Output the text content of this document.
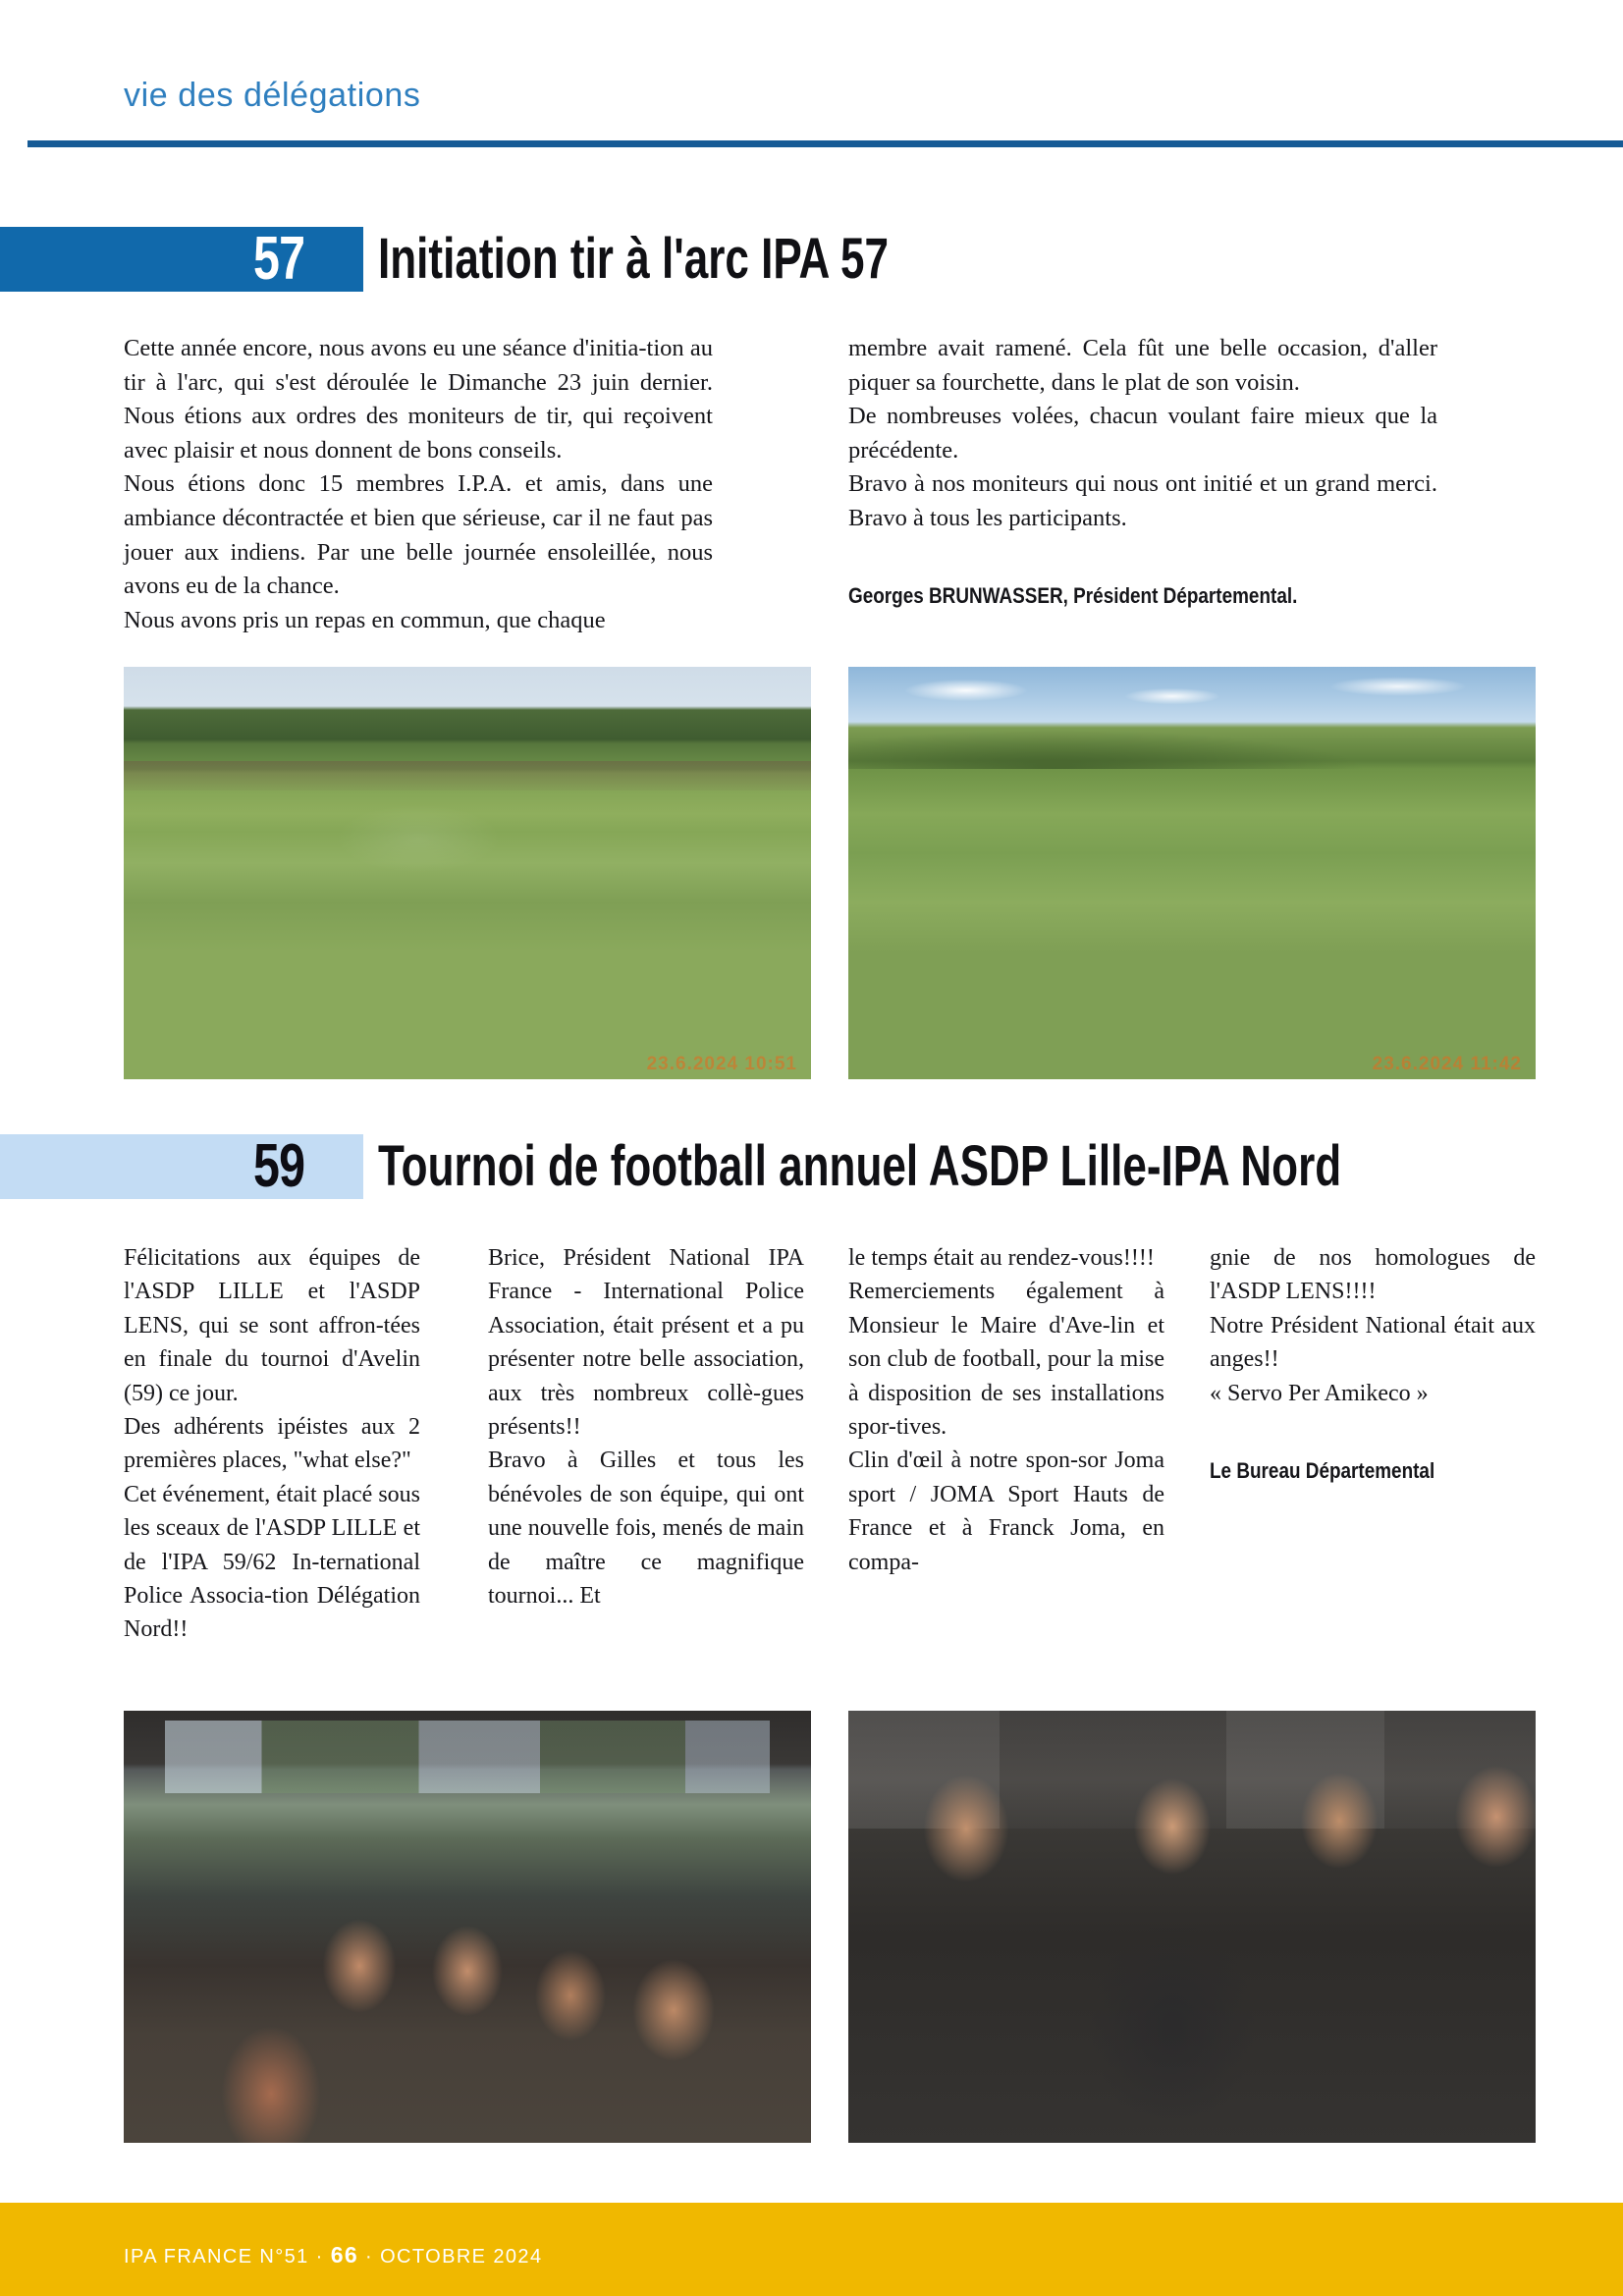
vie des délégations
57 Initiation tir à l'arc IPA 57

Cette année encore, nous avons eu une séance d'initia-tion au tir à l'arc, qui s'est déroulée le Dimanche 23 juin dernier. Nous étions aux ordres des moniteurs de tir, qui reçoivent avec plaisir et nous donnent de bons conseils.

Nous étions donc 15 membres I.P.A. et amis, dans une ambiance décontractée et bien que sérieuse, car il ne faut pas jouer aux indiens. Par une belle journée ensoleillée, nous avons eu de la chance.

Nous avons pris un repas en commun, que chaque

membre avait ramené. Cela fût une belle occasion, d'aller piquer sa fourchette, dans le plat de son voisin.

De nombreuses volées, chacun voulant faire mieux que la précédente.

Bravo à nos moniteurs qui nous ont initié et un grand merci. Bravo à tous les participants.

Georges BRUNWASSER, Président Départemental.
23.6.2024 10:51	23.6.2024 11:42
59 Tournoi de football annuel ASDP Lille-IPA Nord

Félicitations aux équipes de l'ASDP LILLE et l'ASDP LENS, qui se sont affron-tées en finale du tournoi d'Avelin (59) ce jour.

Des adhérents ipéistes aux 2 premières places, "what else?"

Cet événement, était placé sous les sceaux de l'ASDP LILLE et de l'IPA 59/62 In-ternational Police Associa-tion Délégation Nord!!

Brice, Président National IPA France - International Police Association, était présent et a pu présenter notre belle association, aux très nombreux collè-gues présents!!

Bravo à Gilles et tous les bénévoles de son équipe, qui ont une nouvelle fois, menés de main de maître ce magnifique tournoi... Et

le temps était au rendez-vous!!!!

Remerciements également à Monsieur le Maire d'Ave-lin et son club de football, pour la mise à disposition de ses installations spor-tives.

Clin d'œil à notre spon-sor Joma sport / JOMA Sport Hauts de France et à Franck Joma, en compa-

gnie de nos homologues de l'ASDP LENS!!!!

Notre Président National était aux anges!!

« Servo Per Amikeco »

Le Bureau Départemental
IPA FRANCE N°51 · 66 · OCTOBRE 2024
